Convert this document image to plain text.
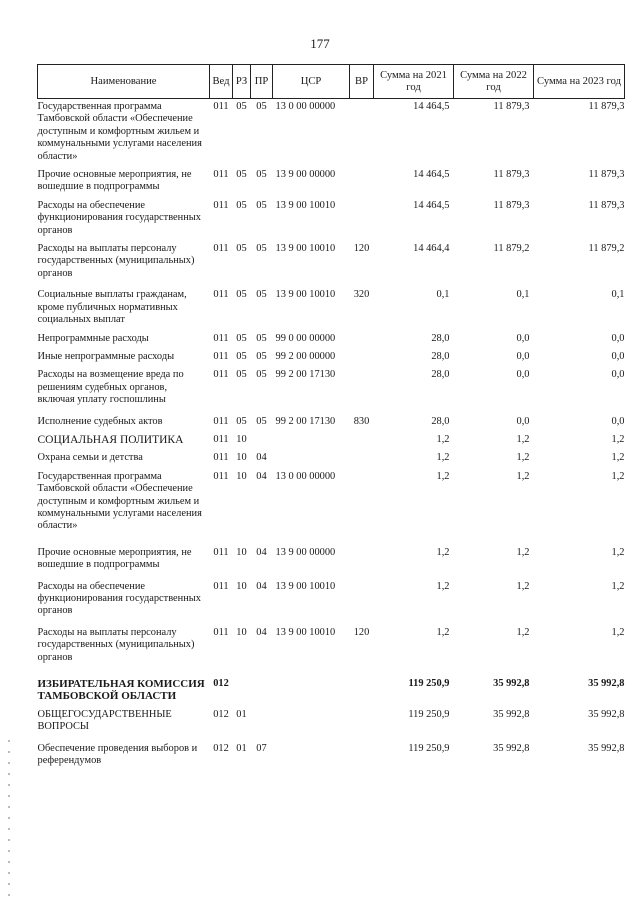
177
Наименование	Вед	РЗ	ПР	ЦСР	ВР	Сумма на 2021 год	Сумма на 2022 год	Сумма на 2023 год
Государственная программа Тамбовской области «Обеспечение доступным и комфортным жильем и коммунальными услугами населения области»	011	05	05	13 0 00 00000		14 464,5	11 879,3	11 879,3
Прочие основные мероприятия, не вошедшие в подпрограммы	011	05	05	13 9 00 00000		14 464,5	11 879,3	11 879,3
Расходы на обеспечение функционирования государственных органов	011	05	05	13 9 00 10010		14 464,5	11 879,3	11 879,3
Расходы на выплаты персоналу государственных (муниципальных) органов	011	05	05	13 9 00 10010	120	14 464,4	11 879,2	11 879,2
Социальные выплаты гражданам, кроме публичных нормативных социальных выплат	011	05	05	13 9 00 10010	320	0,1	0,1	0,1
Непрограммные расходы	011	05	05	99 0 00 00000		28,0	0,0	0,0
Иные непрограммные расходы	011	05	05	99 2 00 00000		28,0	0,0	0,0
Расходы на возмещение вреда по решениям судебных органов, включая уплату госпошлины	011	05	05	99 2 00 17130		28,0	0,0	0,0
Исполнение судебных актов	011	05	05	99 2 00 17130	830	28,0	0,0	0,0
СОЦИАЛЬНАЯ ПОЛИТИКА	011	10				1,2	1,2	1,2
Охрана семьи и детства	011	10	04			1,2	1,2	1,2
Государственная программа Тамбовской области «Обеспечение доступным и комфортным жильем и коммунальными услугами населения области»	011	10	04	13 0 00 00000		1,2	1,2	1,2
Прочие основные мероприятия, не вошедшие в подпрограммы	011	10	04	13 9 00 00000		1,2	1,2	1,2
Расходы на обеспечение функционирования государственных органов	011	10	04	13 9 00 10010		1,2	1,2	1,2
Расходы на выплаты персоналу государственных (муниципальных) органов	011	10	04	13 9 00 10010	120	1,2	1,2	1,2
ИЗБИРАТЕЛЬНАЯ КОМИССИЯ ТАМБОВСКОЙ ОБЛАСТИ	012					119 250,9	35 992,8	35 992,8
ОБЩЕГОСУДАРСТВЕННЫЕ ВОПРОСЫ	012	01				119 250,9	35 992,8	35 992,8
Обеспечение проведения выборов и референдумов	012	01	07			119 250,9	35 992,8	35 992,8
